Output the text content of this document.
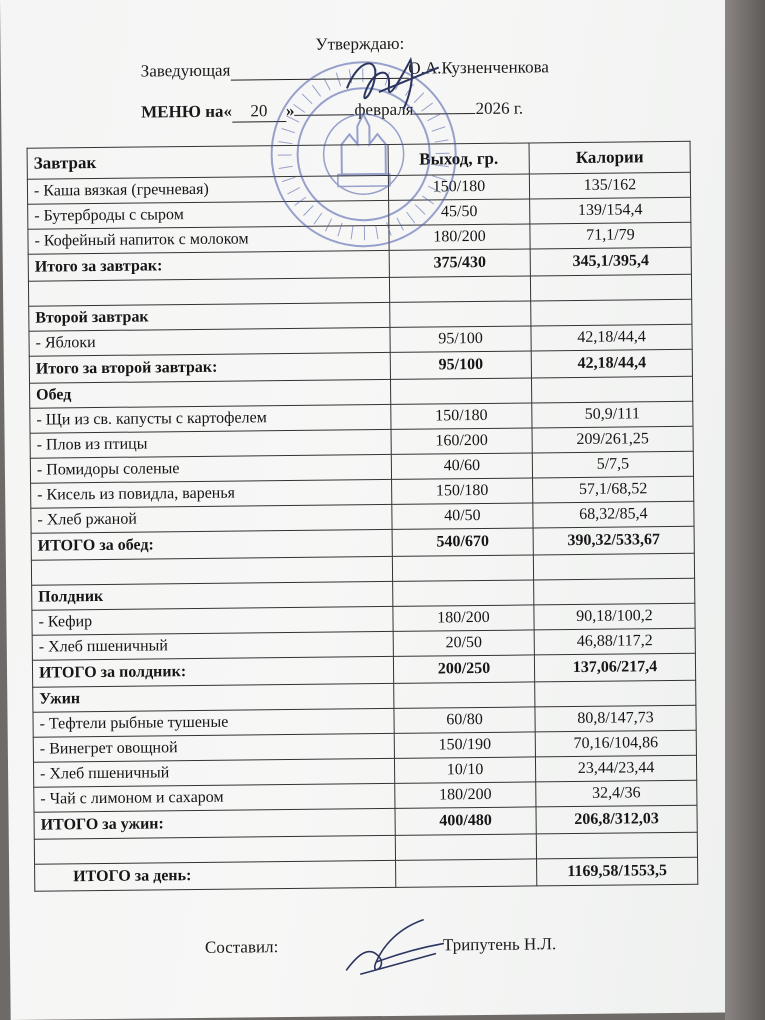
Утверждаю:
Заведующая	О.А.Кузненченкова
МЕНЮ на« 20 »	февраля	2026 г.
Завтрак	Выход, гр.	Калории
- Каша вязкая (гречневая)	150/180	135/162
- Бутерброды с сыром	45/50	139/154,4
- Кофейный напиток с молоком	180/200	71,1/79
Итого за завтрак:	375/430	345,1/395,4

Второй завтрак		
- Яблоки	95/100	42,18/44,4
Итого за второй завтрак:	95/100	42,18/44,4
Обед		
- Щи из св. капусты с картофелем	150/180	50,9/111
- Плов из птицы	160/200	209/261,25
- Помидоры соленые	40/60	5/7,5
- Кисель из повидла, варенья	150/180	57,1/68,52
- Хлеб ржаной	40/50	68,32/85,4
ИТОГО за обед:	540/670	390,32/533,67

Полдник		
- Кефир	180/200	90,18/100,2
- Хлеб пшеничный	20/50	46,88/117,2
ИТОГО за полдник:	200/250	137,06/217,4
Ужин		
- Тефтели рыбные тушеные	60/80	80,8/147,73
- Винегрет овощной	150/190	70,16/104,86
- Хлеб пшеничный	10/10	23,44/23,44
- Чай с лимоном и сахаром	180/200	32,4/36
ИТОГО за ужин:	400/480	206,8/312,03

ИТОГО за день:		1169,58/1553,5
Составил:	Трипутень Н.Л.
